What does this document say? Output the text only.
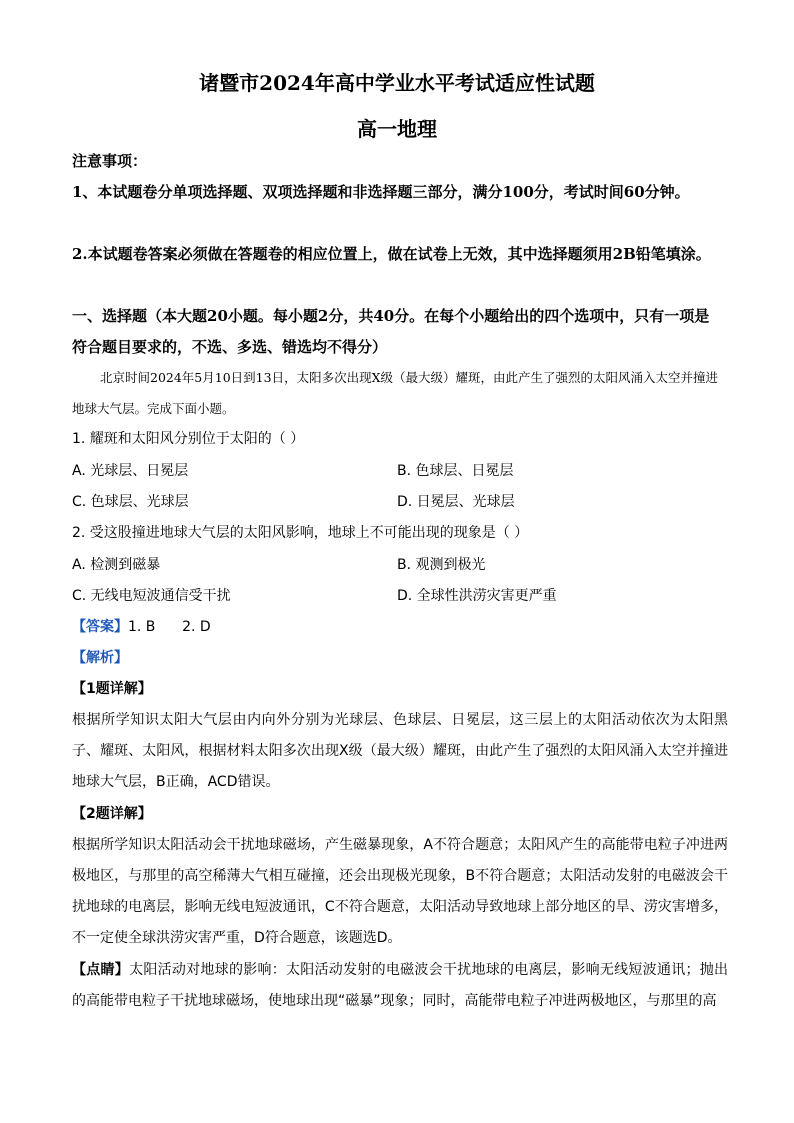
诸暨市2024年高中学业水平考试适应性试题
高一地理
注意事项：
1、本试题卷分单项选择题、双项选择题和非选择题三部分，满分100分，考试时间60分钟。
2.本试题卷答案必须做在答题卷的相应位置上，做在试卷上无效，其中选择题须用2B铅笔填涂。
一、选择题（本大题20小题。每小题2分，共40分。在每个小题给出的四个选项中，只有一项是符合题目要求的，不选、多选、错选均不得分）
北京时间2024年5月10日到13日，太阳多次出现X级（最大级）耀斑，由此产生了强烈的太阳风涌入太空并撞进地球大气层。完成下面小题。
1. 耀斑和太阳风分别位于太阳的（ ）
A. 光球层、日冕层	B. 色球层、日冕层
C. 色球层、光球层	D. 日冕层、光球层
2. 受这股撞进地球大气层的太阳风影响，地球上不可能出现的现象是（ ）
A. 检测到磁暴	B. 观测到极光
C. 无线电短波通信受干扰	D. 全球性洪涝灾害更严重
【答案】1. B      2. D
【解析】
【1题详解】
根据所学知识太阳大气层由内向外分别为光球层、色球层、日冕层，这三层上的太阳活动依次为太阳黑子、耀斑、太阳风，根据材料太阳多次出现X级（最大级）耀斑，由此产生了强烈的太阳风涌入太空并撞进地球大气层，B正确，ACD错误。
【2题详解】
根据所学知识太阳活动会干扰地球磁场，产生磁暴现象，A不符合题意；太阳风产生的高能带电粒子冲进两极地区，与那里的高空稀薄大气相互碰撞，还会出现极光现象，B不符合题意；太阳活动发射的电磁波会干扰地球的电离层，影响无线电短波通讯，C不符合题意，太阳活动导致地球上部分地区的旱、涝灾害增多，不一定使全球洪涝灾害严重，D符合题意，该题选D。
【点睛】太阳活动对地球的影响：太阳活动发射的电磁波会干扰地球的电离层，影响无线短波通讯；抛出的高能带电粒子干扰地球磁场，使地球出现“磁暴”现象；同时，高能带电粒子冲进两极地区，与那里的高
